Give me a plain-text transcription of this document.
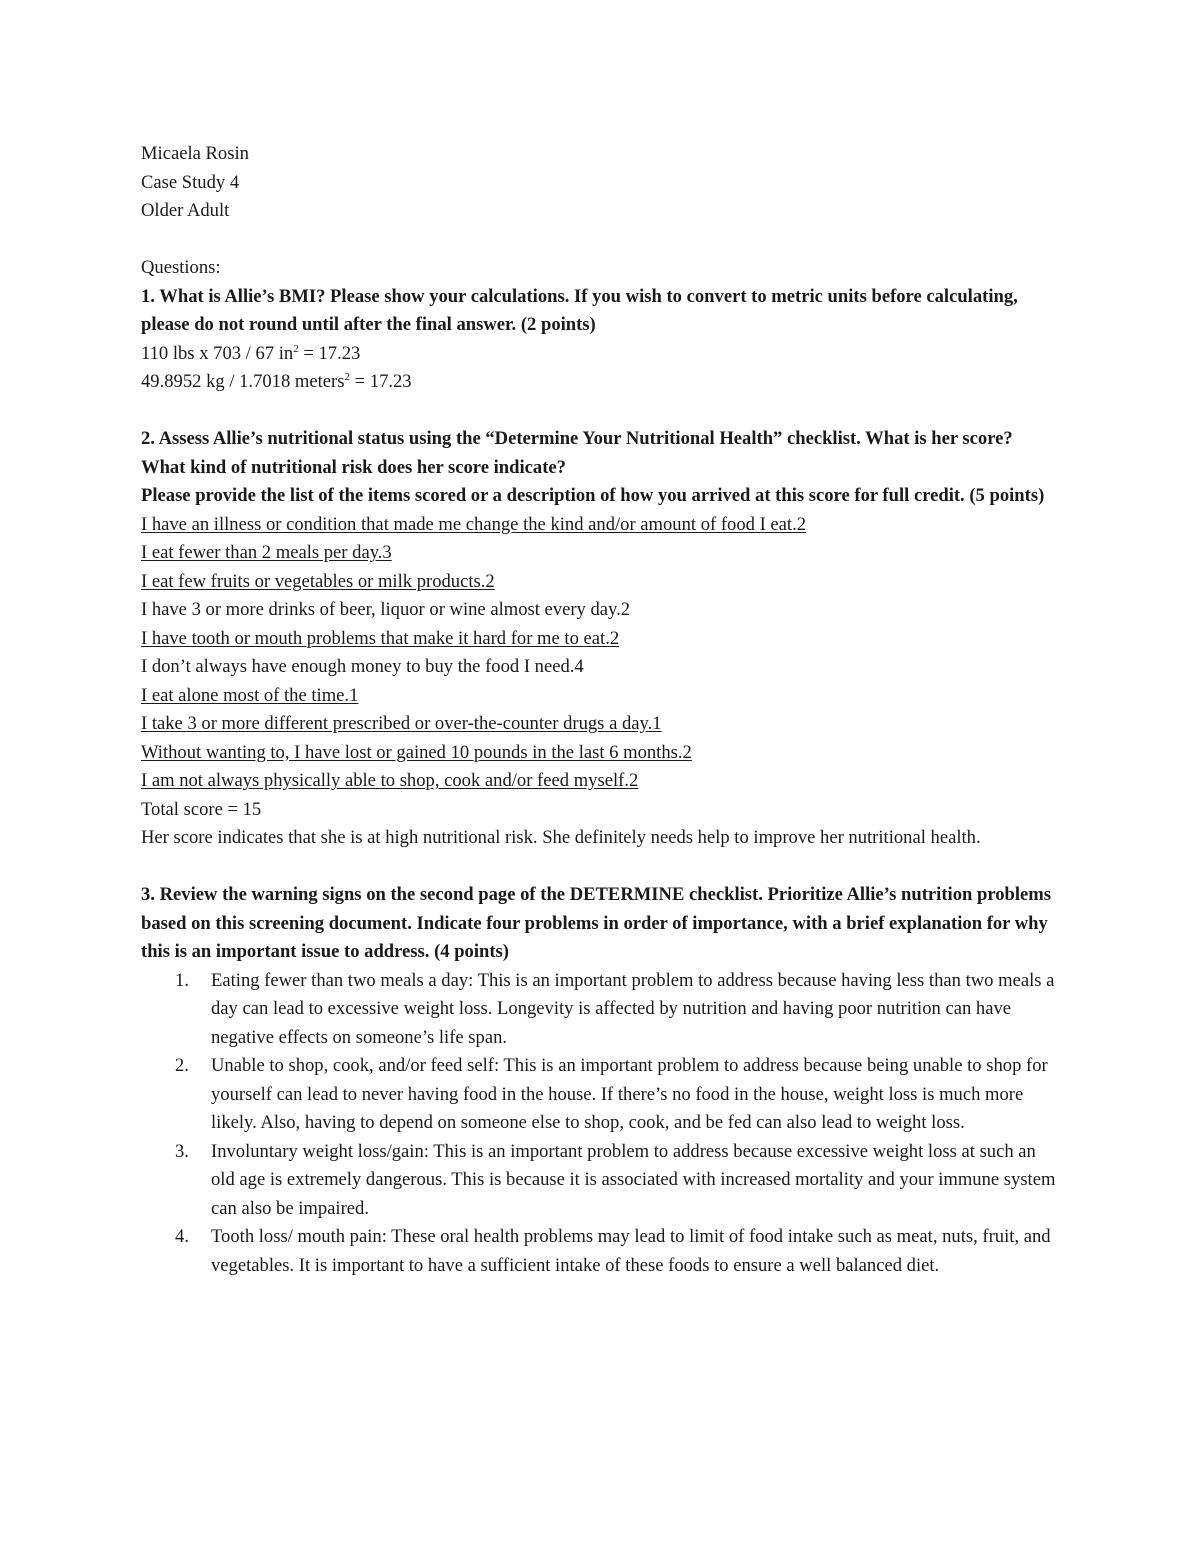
Micaela Rosin
Case Study 4
Older Adult
Questions:
1. What is Allie’s BMI? Please show your calculations. If you wish to convert to metric units before calculating, please do not round until after the final answer. (2 points)
110 lbs x 703 / 67 $in^2 = 17.23$
49.8952 kg / 1.7018 meters$^2$ = 17.23
2. Assess Allie’s nutritional status using the “Determine Your Nutritional Health” checklist. What is her score? What kind of nutritional risk does her score indicate?
Please provide the list of the items scored or a description of how you arrived at this score for full credit. (5 points)
I have an illness or condition that made me change the kind and/or amount of food I eat.2
I eat fewer than 2 meals per day.3
I eat few fruits or vegetables or milk products.2
I have 3 or more drinks of beer, liquor or wine almost every day.2
I have tooth or mouth problems that make it hard for me to eat.2
I don’t always have enough money to buy the food I need.4
I eat alone most of the time.1
I take 3 or more different prescribed or over-the-counter drugs a day.1
Without wanting to, I have lost or gained 10 pounds in the last 6 months.2
I am not always physically able to shop, cook and/or feed myself.2
Total score = 15
Her score indicates that she is at high nutritional risk. She definitely needs help to improve her nutritional health.
3. Review the warning signs on the second page of the DETERMINE checklist. Prioritize Allie’s nutrition problems based on this screening document. Indicate four problems in order of importance, with a brief explanation for why this is an important issue to address. (4 points)
1. Eating fewer than two meals a day: This is an important problem to address because having less than two meals a day can lead to excessive weight loss. Longevity is affected by nutrition and having poor nutrition can have negative effects on someone’s life span.
2. Unable to shop, cook, and/or feed self: This is an important problem to address because being unable to shop for yourself can lead to never having food in the house. If there’s no food in the house, weight loss is much more likely. Also, having to depend on someone else to shop, cook, and be fed can also lead to weight loss.
3. Involuntary weight loss/gain: This is an important problem to address because excessive weight loss at such an old age is extremely dangerous. This is because it is associated with increased mortality and your immune system can also be impaired.
4. Tooth loss/ mouth pain: These oral health problems may lead to limit of food intake such as meat, nuts, fruit, and vegetables. It is important to have a sufficient intake of these foods to ensure a well balanced diet.
